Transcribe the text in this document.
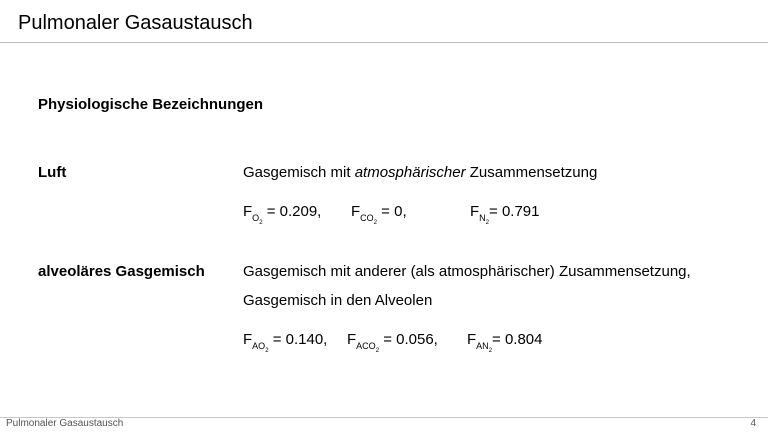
Pulmonaler Gasaustausch
Physiologische Bezeichnungen
Luft	Gasgemisch mit atmosphärischer Zusammensetzung
$F_{O2} = 0.209$, $F_{CO2} = 0$,	$F_{N2}= 0.791$
alveoläres Gasgemisch	Gasgemisch mit anderer (als atmosphärischer) Zusammensetzung,
Gasgemisch in den Alveolen
$F_{AO2} = 0.140$, $F_{ACO2} = 0.056$, $F_{AN2}= 0.804$
Pulmonaler Gasaustausch	4
